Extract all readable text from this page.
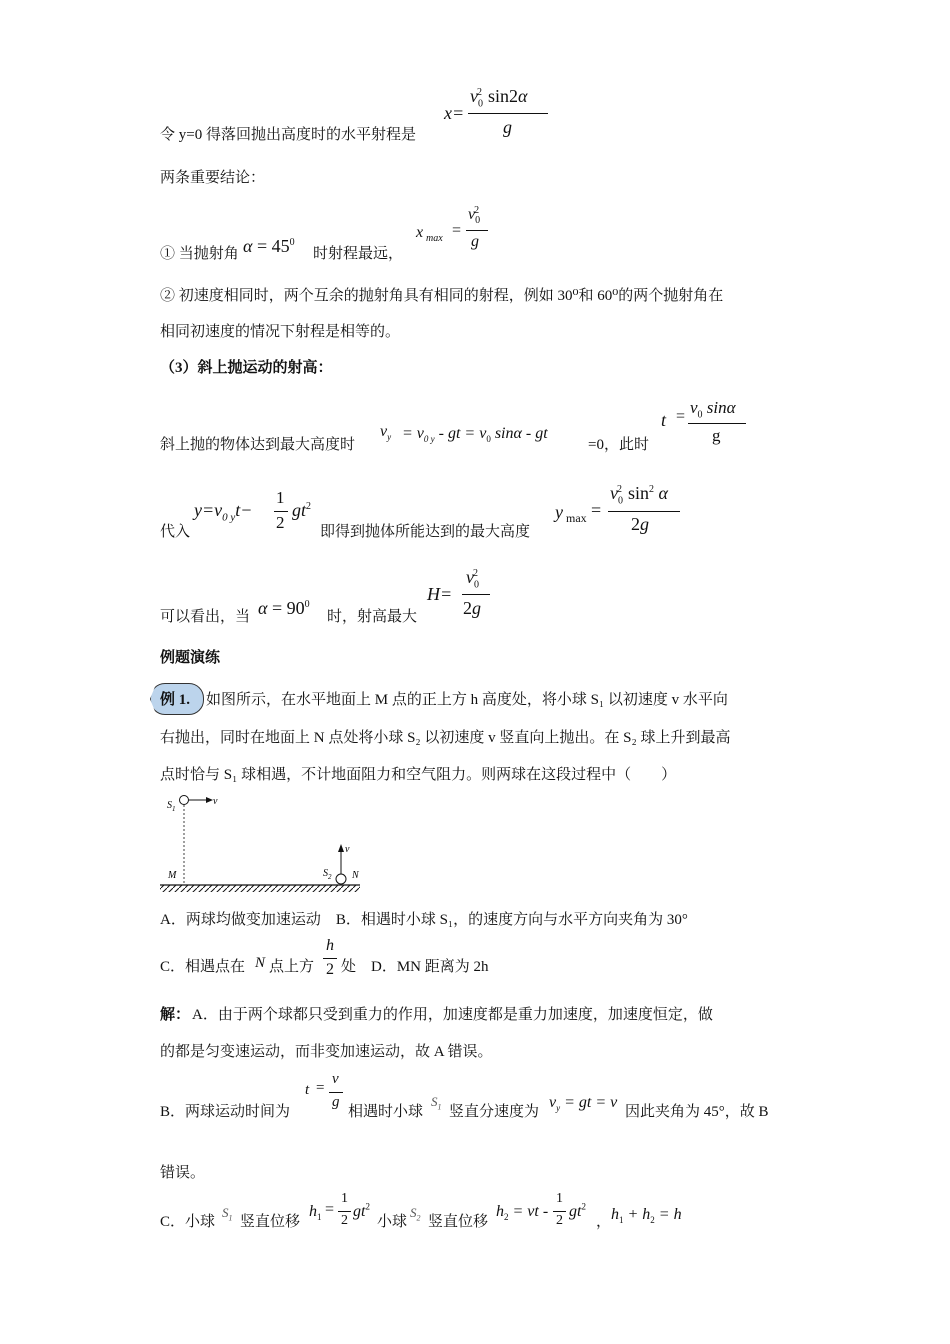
令 y=0 得落回抛出高度时的水平射程是
x=
$v_0^2$ sin2α
g
两条重要结论：
① 当抛射角 $\alpha = 45^0$
时射程最远，
x max =
$v_0^2$
g
② 初速度相同时，两个互余的抛射角具有相同的射程，例如 30⁰和 60⁰的两个抛射角在
相同初速度的情况下射程是相等的。
（3）斜上抛运动的射高：
斜上抛的物体达到最大高度时
$v_y = v_{0 y}$ - gt = $v_0$ sinα - gt
=0，此时
$t = v_0$ sinα
g
代入
$y=v_{0 y}t-$
1
2
$gt^2$
即得到抛体所能达到的最大高度
y max =
$v_0^2$ $\sin^2 \alpha$
2g
可以看出，当 $\alpha = 90^0$
时，射高最大
H=
$v_0^2$
2g
例题演练
例 1. 如图所示，在水平地面上 M 点的正上方 h 高度处，将小球 S₁ 以初速度 v 水平向
右抛出，同时在地面上 N 点处将小球 S₂ 以初速度 v 竖直向上抛出。在 S₂ 球上升到最高
点时恰与 S₁ 球相遇，不计地面阻力和空气阻力。则两球在这段过程中（　　）
$S_1$
v
M
v
$S_2$ N
A．两球均做变加速运动　B．相遇时小球 S₁，的速度方向与水平方向夹角为 30°
C．相遇点在 N 点上方
h
2 处　D．MN 距离为 2h
解： A．由于两个球都只受到重力的作用，加速度都是重力加速度，加速度恒定，做
的都是匀变速运动，而非变加速运动，故 A 错误。
B．两球运动时间为
t =
v
g
相遇时小球
$S_1$ 竖直分速度为
$v_y$ = gt = v
因此夹角为 45°，故 B
错误。
C．小球
$S_1$ 竖直位移
$h_1$ =
1
2
$gt^2$
小球
$S_2$ 竖直位移
$h_2$ = vt -
1
2
$gt^2$
， $h_1 + h_2 = h$
